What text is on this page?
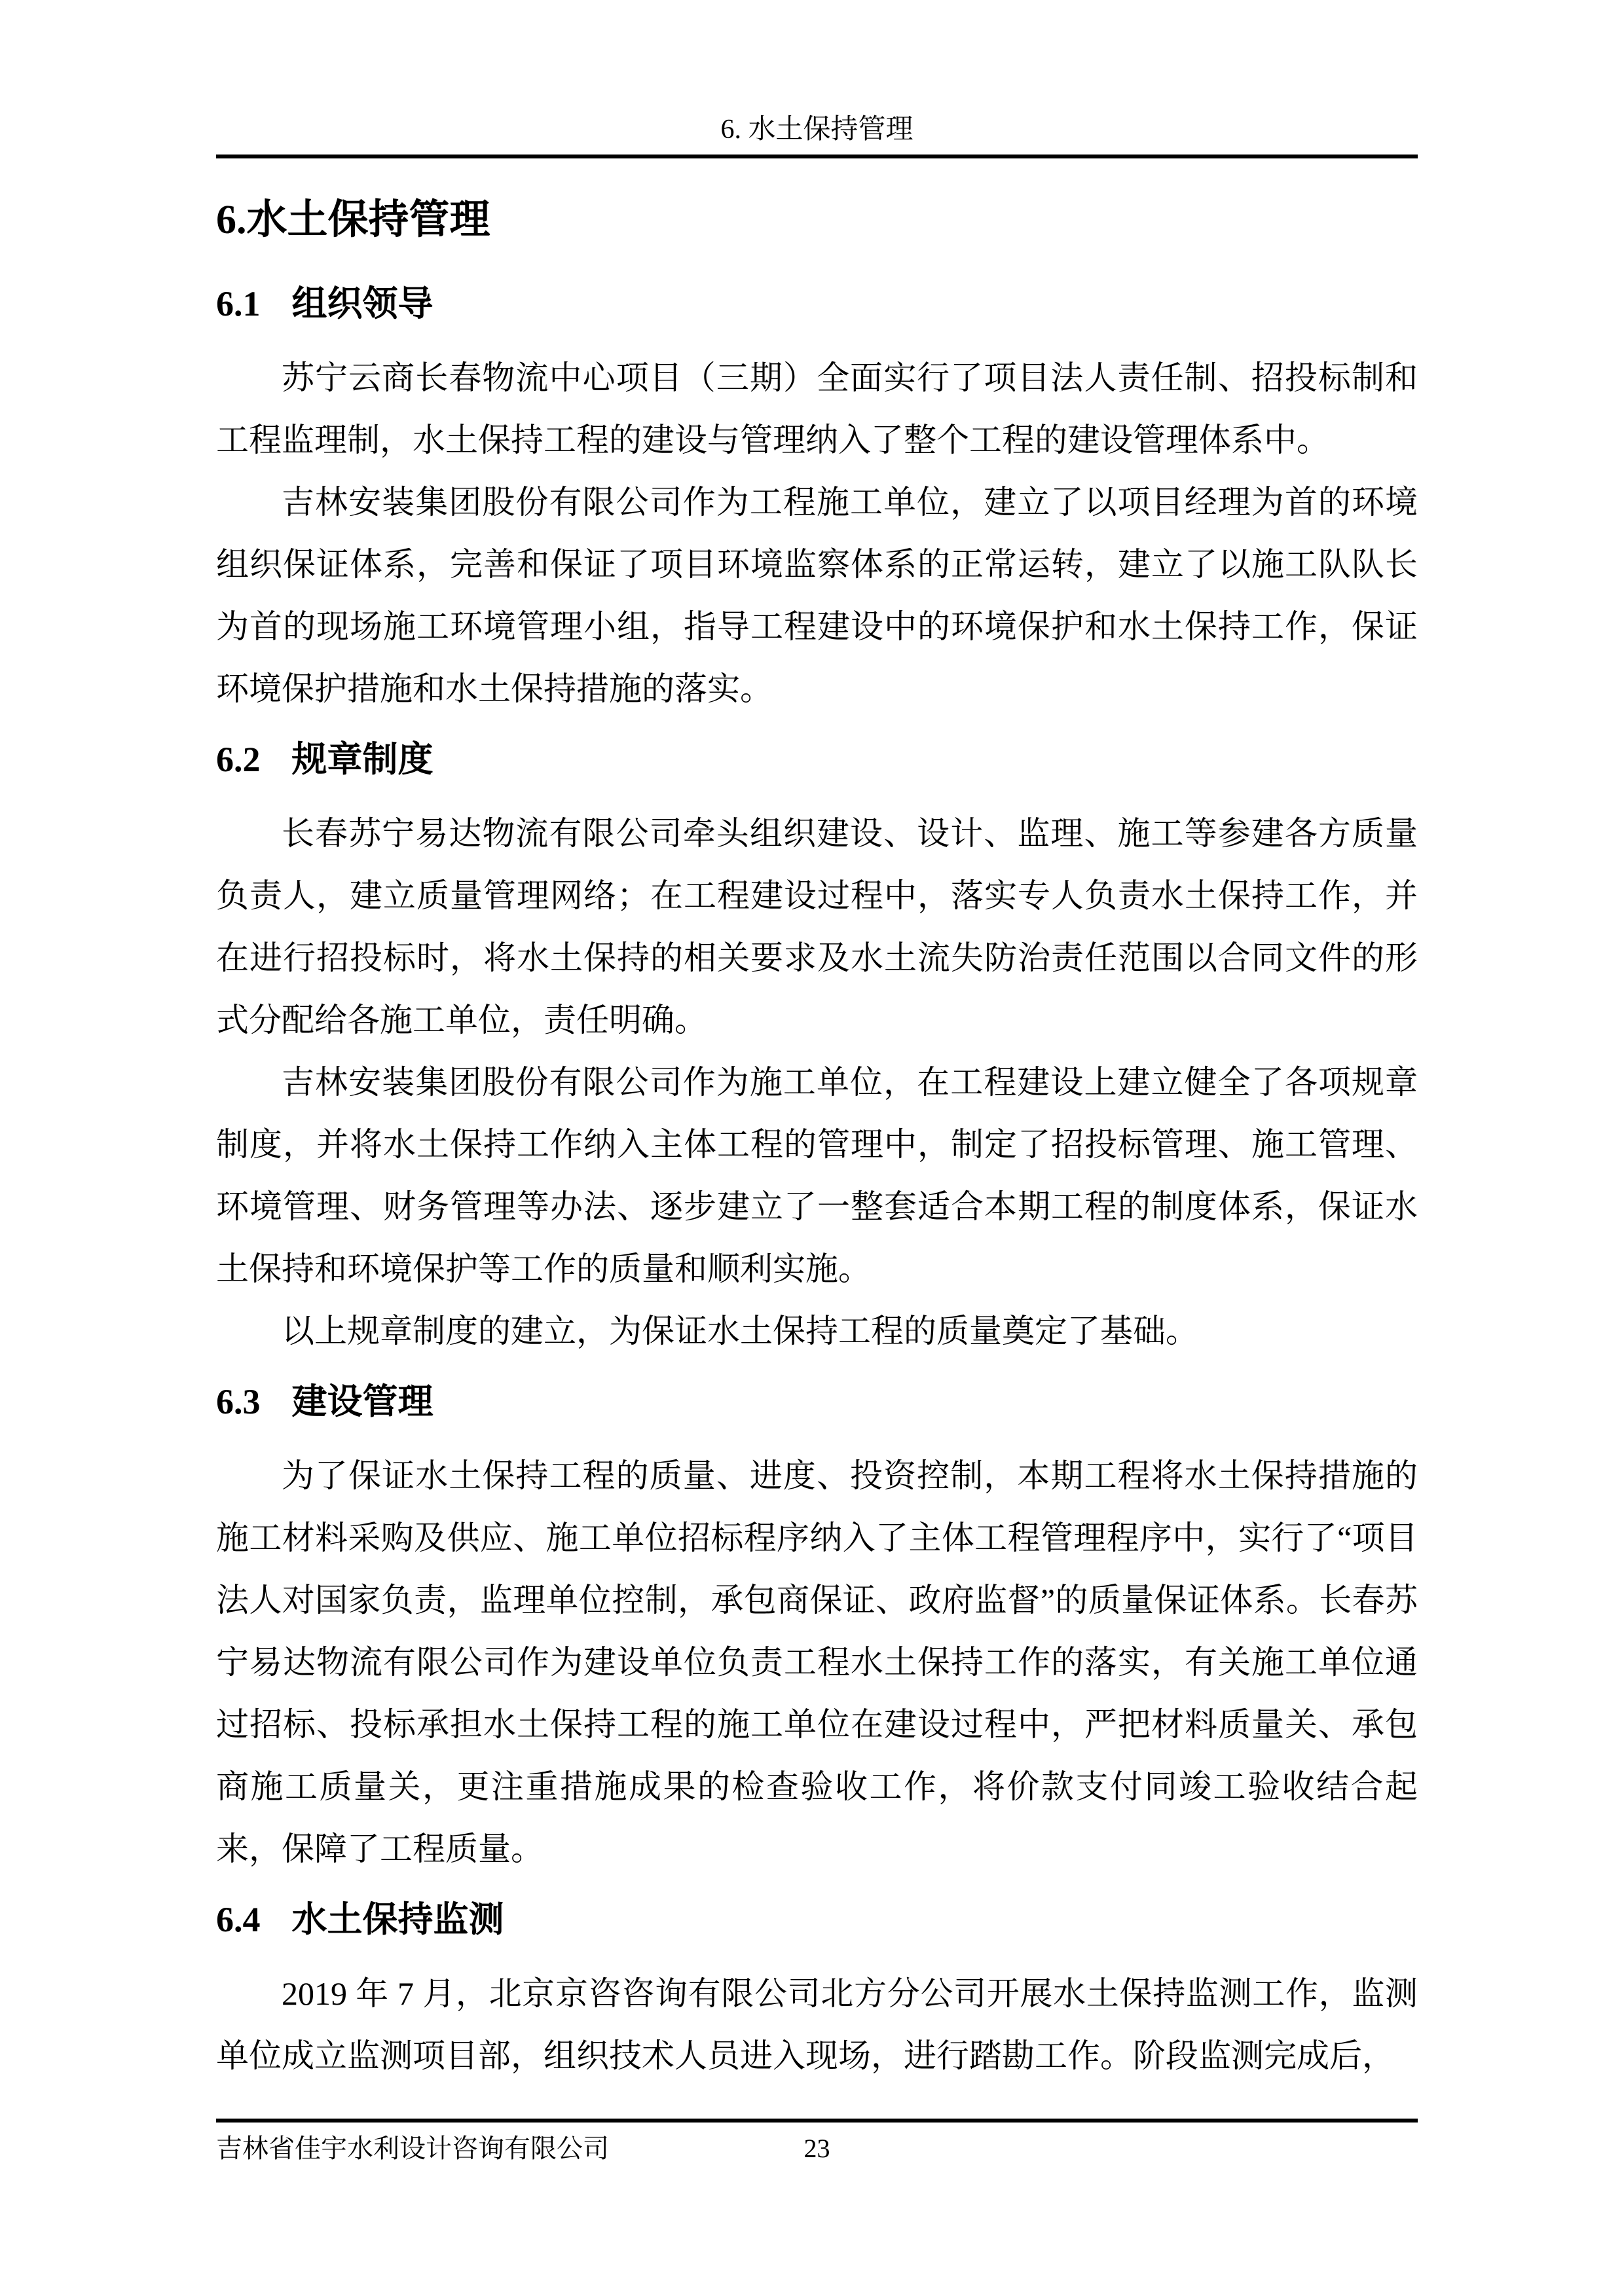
6. 水土保持管理
6.水土保持管理
6.1 组织领导

苏宁云商长春物流中心项目（三期）全面实行了项目法人责任制、招投标制和工程监理制，水土保持工程的建设与管理纳入了整个工程的建设管理体系中。

吉林安装集团股份有限公司作为工程施工单位，建立了以项目经理为首的环境组织保证体系，完善和保证了项目环境监察体系的正常运转，建立了以施工队队长为首的现场施工环境管理小组，指导工程建设中的环境保护和水土保持工作，保证环境保护措施和水土保持措施的落实。

6.2 规章制度

长春苏宁易达物流有限公司牵头组织建设、设计、监理、施工等参建各方质量负责人，建立质量管理网络；在工程建设过程中，落实专人负责水土保持工作，并在进行招投标时，将水土保持的相关要求及水土流失防治责任范围以合同文件的形式分配给各施工单位，责任明确。

吉林安装集团股份有限公司作为施工单位，在工程建设上建立健全了各项规章制度，并将水土保持工作纳入主体工程的管理中，制定了招投标管理、施工管理、环境管理、财务管理等办法、逐步建立了一整套适合本期工程的制度体系，保证水土保持和环境保护等工作的质量和顺利实施。

以上规章制度的建立，为保证水土保持工程的质量奠定了基础。

6.3 建设管理

为了保证水土保持工程的质量、进度、投资控制，本期工程将水土保持措施的施工材料采购及供应、施工单位招标程序纳入了主体工程管理程序中，实行了“项目法人对国家负责，监理单位控制，承包商保证、政府监督”的质量保证体系。长春苏宁易达物流有限公司作为建设单位负责工程水土保持工作的落实，有关施工单位通过招标、投标承担水土保持工程的施工单位在建设过程中，严把材料质量关、承包商施工质量关，更注重措施成果的检查验收工作，将价款支付同竣工验收结合起来，保障了工程质量。

6.4 水土保持监测

2019 年 7 月，北京京咨咨询有限公司北方分公司开展水土保持监测工作，监测单位成立监测项目部，组织技术人员进入现场，进行踏勘工作。阶段监测完成后，

吉林省佳宇水利设计咨询有限公司	23
